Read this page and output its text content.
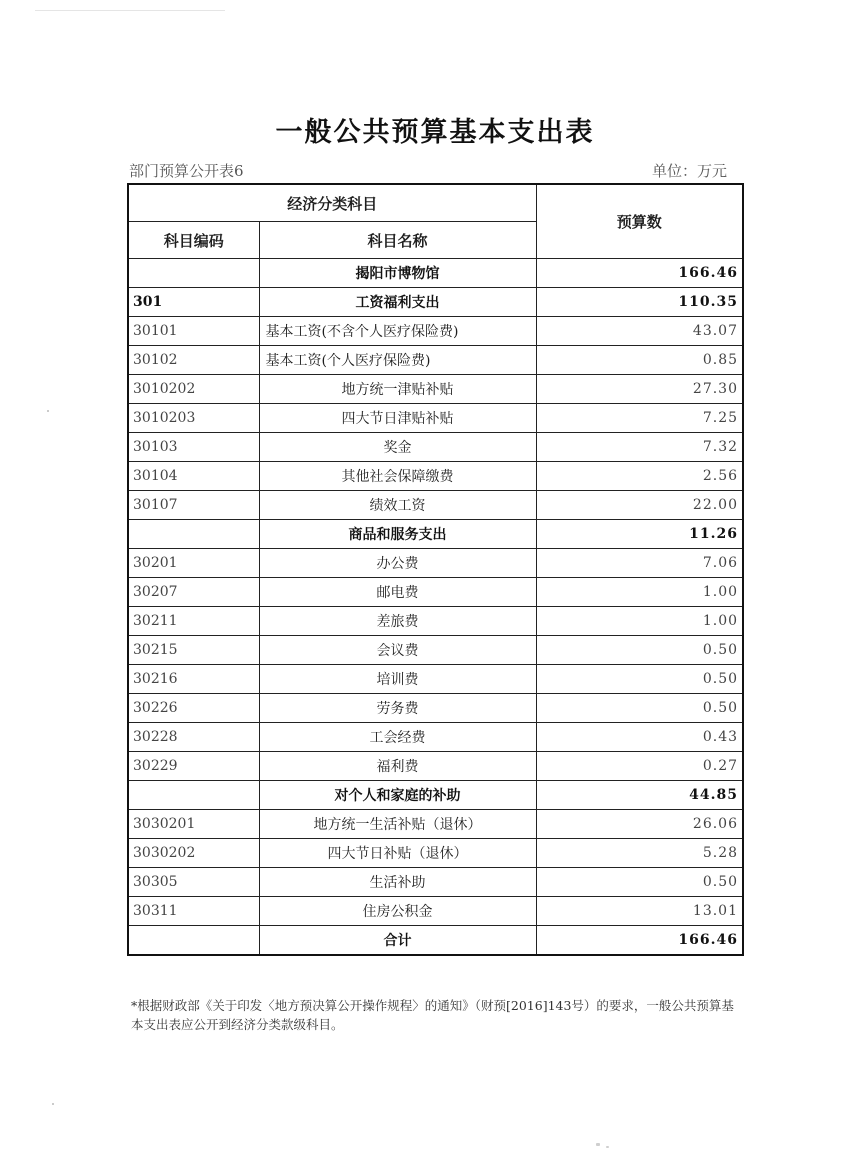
一般公共预算基本支出表
部门预算公开表6	单位：万元
经济分类科目		预算数
科目编码	科目名称	
	揭阳市博物馆	166.46
301	工资福利支出	110.35
30101	基本工资(不含个人医疗保险费)	43.07
30102	基本工资(个人医疗保险费)	0.85
3010202	地方统一津贴补贴	27.30
3010203	四大节日津贴补贴	7.25
30103	奖金	7.32
30104	其他社会保障缴费	2.56
30107	绩效工资	22.00
	商品和服务支出	11.26
30201	办公费	7.06
30207	邮电费	1.00
30211	差旅费	1.00
30215	会议费	0.50
30216	培训费	0.50
30226	劳务费	0.50
30228	工会经费	0.43
30229	福利费	0.27
	对个人和家庭的补助	44.85
3030201	地方统一生活补贴（退休）	26.06
3030202	四大节日补贴（退休）	5.28
30305	生活补助	0.50
30311	住房公积金	13.01
	合计	166.46
*根据财政部《关于印发〈地方预决算公开操作规程〉的通知》（财预[2016]143号）的要求，一般公共预算基本支出表应公开到经济分类款级科目。
